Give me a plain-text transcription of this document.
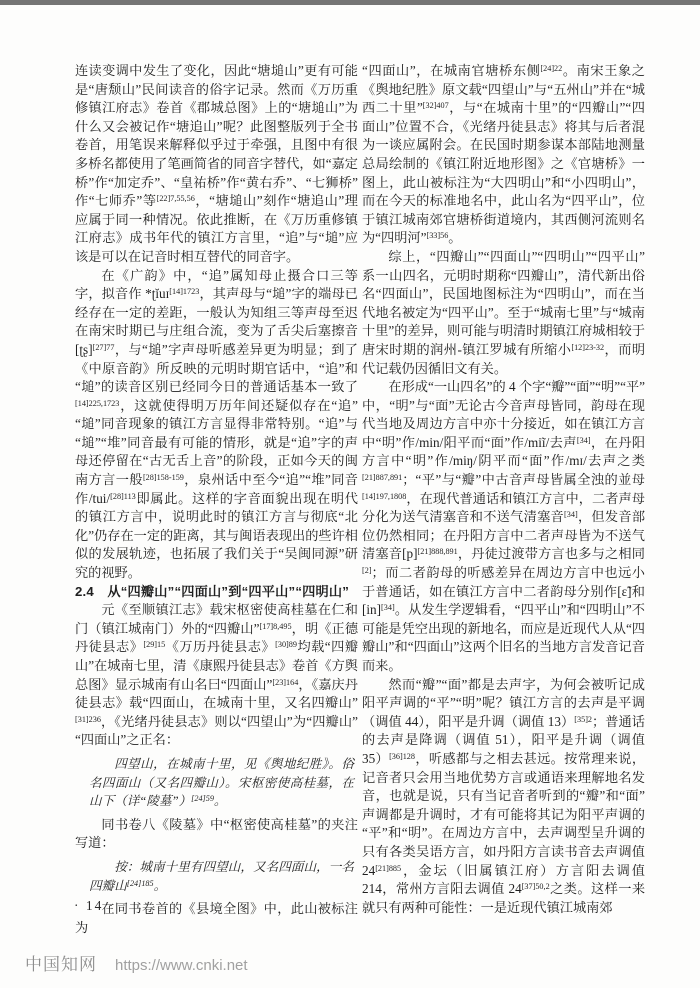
连读变调中发生了变化，因此“塘塠山”更有可能是“唐颓山”民间读音的俗字记录。然而《万历重修镇江府志》卷首《郡城总图》上的“塘塠山”为什么又会被记作“塘追山”呢？此图整版列于全书卷首，用笔误来解释似乎过于牵强，且图中有很多桥名都使用了笔画简省的同音字替代，如“嘉定桥”作“加定乔”、“皇祐桥”作“黄右乔”、“七狮桥”作“七师乔”等$^{[22]7,55,56}$，“塘塠山”刻作“塘追山”理应属于同一种情况。依此推断，在《万历重修镇江府志》成书年代的镇江方言里，“追”与“塠”应该是可以在记音时相互替代的同音字。

在《广韵》中，“追”属知母止摄合口三等字，拟音作 *ʈĭuɪ$^{[14]1723}$，其声母与“塠”字的端母已经存在一定的差距，一般认为知组三等声母至迟在南宋时期已与庄组合流，变为了舌尖后塞擦音[ʈʂ]$^{[27]77}$，与“塠”字声母听感差异更为明显；到了《中原音韵》所反映的元明时期官话中，“追”和“塠”的读音区别已经同今日的普通话基本一致了$^{[14]225,1723}$，这就使得明万历年间还疑似存在“追”“塠”同音现象的镇江方言显得非常特别。“追”与“塠”“堆”同音最有可能的情形，就是“追”字的声母还停留在“古无舌上音”的阶段，正如今天的闽南方言一般$^{[28]158-159}$，泉州话中至今“追”“堆”同音作/tui/$^{[28]113}$即属此。这样的字音面貌出现在明代的镇江方言中，说明此时的镇江方言与彻底“北化”仍存在一定的距离，其与闽语表现出的些许相似的发展轨迹，也拓展了我们关于“吴闽同源”研究的视野。

2.4　从“四瓣山”“四面山”到“四平山”“四明山”

元《至顺镇江志》载宋枢密使高桂墓在仁和门（镇江城南门）外的“四瓣山”$^{[17]8,495}$，明《正德丹徒县志》$^{[29]15}$《万历丹徒县志》$^{[30]89}$均载“四瓣山”在城南七里，清《康熙丹徒县志》卷首《方舆总图》显示城南有山名曰“四面山”$^{[23]164}$，《嘉庆丹徒县志》载“四面山，在城南十里，又名四瓣山”$^{[31]236}$，《光绪丹徒县志》则以“四望山”为“四瓣山”“四面山”之正名：

四望山，在城南十里，见《舆地纪胜》。俗名四面山（又名四瓣山）。宋枢密使高桂墓，在山下（详“陵墓”）$^{[24]59}$。

同书卷八《陵墓》中“枢密使高桂墓”的夹注写道：

按：城南十里有四望山，又名四面山，一名四瓣山$^{[24]185}$。

在同书卷首的《县境全图》中，此山被标注为

“四面山”，在城南官塘桥东侧$^{[24]22}$。南宋王象之《舆地纪胜》原文载“四望山”与“五州山”并在“城西二十里”$^{[32]407}$，与“在城南十里”的“四瓣山”“四面山”位置不合，《光绪丹徒县志》将其与后者混为一谈应属附会。在民国时期参谋本部陆地测量总局绘制的《镇江附近地形图》之《官塘桥》一图上，此山被标注为“大四明山”和“小四明山”，而在今天的标准地名中，此山名为“四平山”，位于镇江城南郊官塘桥街道境内，其西侧河流则名为“四明河”$^{[33]56}$。

综上，“四瓣山”“四面山”“四明山”“四平山”系一山四名，元明时期称“四瓣山”，清代新出俗名“四面山”，民国地图标注为“四明山”，而在当代地名被定为“四平山”。至于“城南七里”与“城南十里”的差异，则可能与明清时期镇江府城相较于唐宋时期的润州-镇江罗城有所缩小$^{[12]23-32}$，而明代记载仍因循旧文有关。

在形成“一山四名”的 4 个字“瓣”“面”“明”“平”中，“明”与“面”无论古今音声母皆同，韵母在现代当地及周边方言中亦十分接近，如在镇江方言中“明”作/min/阳平而“面”作/miĩ/去声[34]，在丹阳方言中“明”作/miŋ/阴平而“面”作/mɪ/去声之类$^{[21]887,891}$；“平”与“瓣”中古音声母皆属全浊的並母$^{[14]197,1808}$，在现代普通话和镇江方言中，二者声母分化为送气清塞音和不送气清塞音[34]，但发音部位仍然相同；在丹阳方言中二者声母皆为不送气清塞音$[p]^{[21]888,891}$，丹徒过渡带方言也多与之相同[2]；而二者韵母的听感差异在周边方言中也远小于普通话，如在镇江方言中二者韵母分别作[ɛ̃]和[in][34]。从发生学逻辑看，“四平山”和“四明山”不可能是凭空出现的新地名，而应是近现代人从“四瓣山”和“四面山”这两个旧名的当地方言发音记音而来。

然而“瓣”“面”都是去声字，为何会被听记成阳平声调的“平”“明”呢？镇江方言的去声是平调（调值 44），阳平是升调（调值 13）$^{[35]2}$；普通话的去声是降调（调值 51），阳平是升调（调值 35）$^{[36]128}$，听感都与之相去甚远。按常理来说，记音者只会用当地优势方言或通语来理解地名发音，也就是说，只有当记音者听到的“瓣”和“面”声调都是升调时，才有可能将其记为阳平声调的“平”和“明”。在周边方言中，去声调型呈升调的只有各类吴语方言，如丹阳方言读书音去声调值 $24^{[21]885}$，金坛（旧属镇江府）方言阳去调值 214，常州方言阳去调值 $24^{[37]50,2}$之类。这样一来就只有两种可能性：一是近现代镇江城南郊

· 14 ·
中国知网 https://www.cnki.net
